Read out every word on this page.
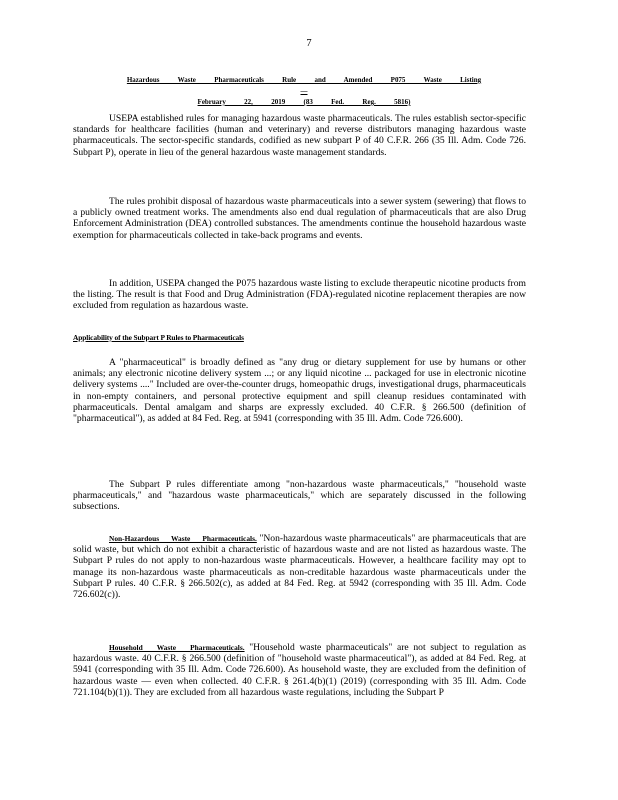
7
Hazardous Waste Pharmaceuticals Rule and Amended P075 Waste Listing —
February 22, 2019 (83 Fed. Reg. 5816)

USEPA established rules for managing hazardous waste pharmaceuticals. The rules establish sector-specific standards for healthcare facilities (human and veterinary) and reverse distributors managing hazardous waste pharmaceuticals. The sector-specific standards, codified as new subpart P of 40 C.F.R. 266 (35 Ill. Adm. Code 726. Subpart P), operate in lieu of the general hazardous waste management standards.

The rules prohibit disposal of hazardous waste pharmaceuticals into a sewer system (sewering) that flows to a publicly owned treatment works. The amendments also end dual regulation of pharmaceuticals that are also Drug Enforcement Administration (DEA) controlled substances. The amendments continue the household hazardous waste exemption for pharmaceuticals collected in take-back programs and events.

In addition, USEPA changed the P075 hazardous waste listing to exclude therapeutic nicotine products from the listing. The result is that Food and Drug Administration (FDA)-regulated nicotine replacement therapies are now excluded from regulation as hazardous waste.

Applicability of the Subpart P Rules to Pharmaceuticals

A "pharmaceutical" is broadly defined as "any drug or dietary supplement for use by humans or other animals; any electronic nicotine delivery system ...; or any liquid nicotine ... packaged for use in electronic nicotine delivery systems ...." Included are over-the-counter drugs, homeopathic drugs, investigational drugs, pharmaceuticals in non-empty containers, and personal protective equipment and spill cleanup residues contaminated with pharmaceuticals. Dental amalgam and sharps are expressly excluded. 40 C.F.R. § 266.500 (definition of "pharmaceutical"), as added at 84 Fed. Reg. at 5941 (corresponding with 35 Ill. Adm. Code 726.600).

The Subpart P rules differentiate among "non-hazardous waste pharmaceuticals," "household waste pharmaceuticals," and "hazardous waste pharmaceuticals," which are separately discussed in the following subsections.

Non-Hazardous Waste Pharmaceuticals. "Non-hazardous waste pharmaceuticals" are pharmaceuticals that are solid waste, but which do not exhibit a characteristic of hazardous waste and are not listed as hazardous waste. The Subpart P rules do not apply to non-hazardous waste pharmaceuticals. However, a healthcare facility may opt to manage its non-hazardous waste pharmaceuticals as non-creditable hazardous waste pharmaceuticals under the Subpart P rules. 40 C.F.R. § 266.502(c), as added at 84 Fed. Reg. at 5942 (corresponding with 35 Ill. Adm. Code 726.602(c)).

Household Waste Pharmaceuticals. "Household waste pharmaceuticals" are not subject to regulation as hazardous waste. 40 C.F.R. § 266.500 (definition of "household waste pharmaceutical"), as added at 84 Fed. Reg. at 5941 (corresponding with 35 Ill. Adm. Code 726.600). As household waste, they are excluded from the definition of hazardous waste — even when collected. 40 C.F.R. § 261.4(b)(1) (2019) (corresponding with 35 Ill. Adm. Code 721.104(b)(1)). They are excluded from all hazardous waste regulations, including the Subpart P
